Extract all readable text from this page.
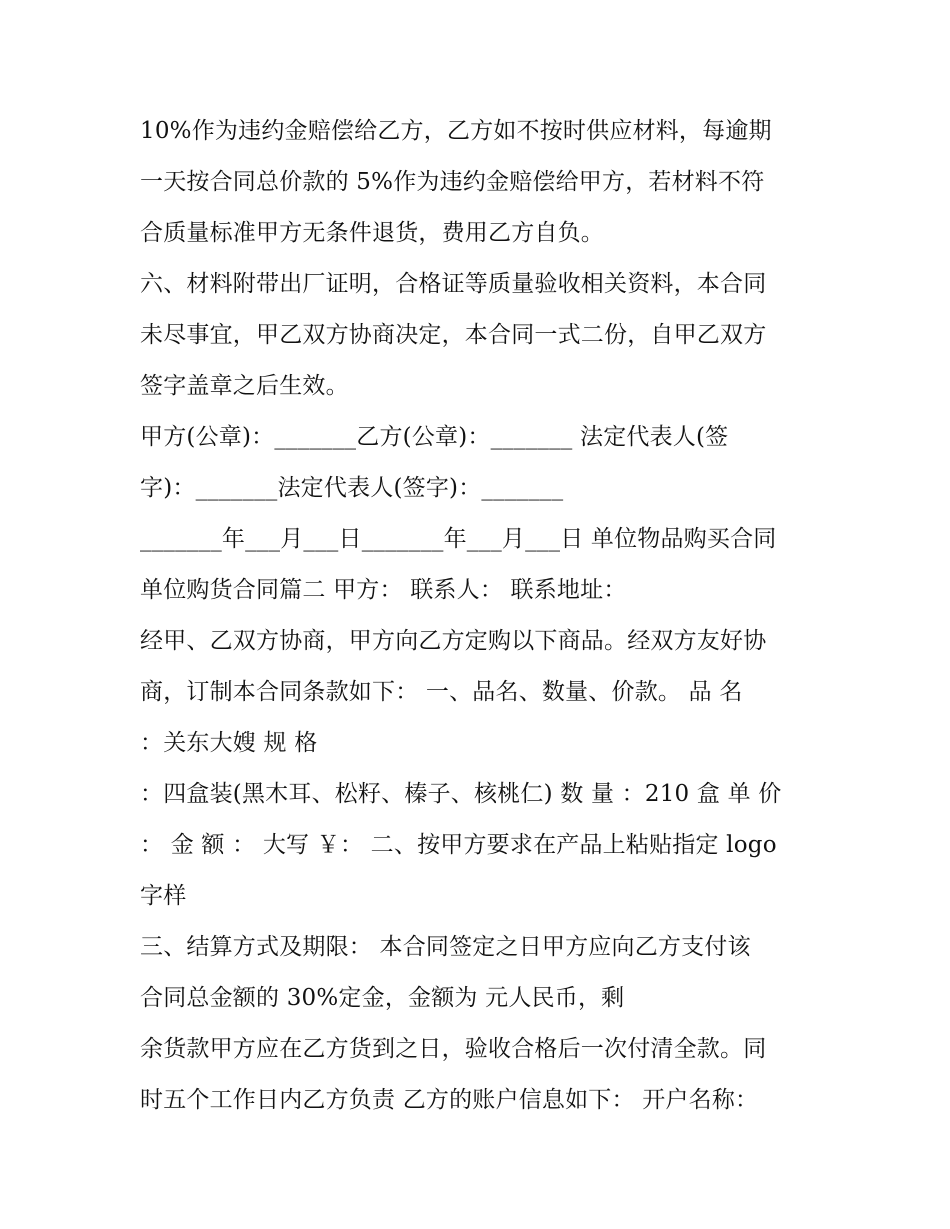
10%作为违约金赔偿给乙方，乙方如不按时供应材料，每逾期
一天按合同总价款的 5%作为违约金赔偿给甲方，若材料不符
合质量标准甲方无条件退货，费用乙方自负。
六、材料附带出厂证明，合格证等质量验收相关资料，本合同
未尽事宜，甲乙双方协商决定，本合同一式二份，自甲乙双方
签字盖章之后生效。
甲方(公章)：_______乙方(公章)：_______ 法定代表人(签
字)：_______法定代表人(签字)：_______
_______年___月___日_______年___月___日 单位物品购买合同
单位购货合同篇二 甲方： 联系人： 联系地址：
经甲、乙双方协商，甲方向乙方定购以下商品。经双方友好协
商，订制本合同条款如下： 一、品名、数量、价款。 品 名
：关东大嫂 规 格
：四盒装(黑木耳、松籽、榛子、核桃仁) 数 量 ：210 盒 单 价
： 金 额 ： 大写 ￥： 二、按甲方要求在产品上粘贴指定 logo
字样
三、结算方式及期限： 本合同签定之日甲方应向乙方支付该
合同总金额的 30%定金，金额为 元人民币，剩
余货款甲方应在乙方货到之日，验收合格后一次付清全款。同
时五个工作日内乙方负责 乙方的账户信息如下： 开户名称：
